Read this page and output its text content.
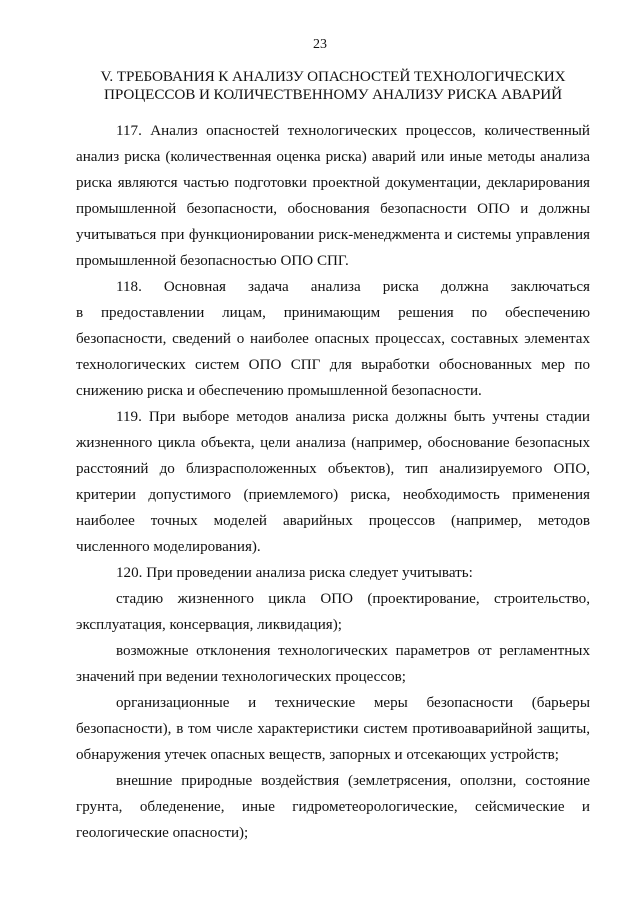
23
V. ТРЕБОВАНИЯ К АНАЛИЗУ ОПАСНОСТЕЙ ТЕХНОЛОГИЧЕСКИХ
ПРОЦЕССОВ И КОЛИЧЕСТВЕННОМУ АНАЛИЗУ РИСКА АВАРИЙ
117. Анализ опасностей технологических процессов, количественный
анализ риска (количественная оценка риска) аварий или иные методы анализа
риска являются частью подготовки проектной документации, декларирования
промышленной безопасности, обоснования безопасности ОПО и должны
учитываться при функционировании риск-менеджмента и системы управления
промышленной безопасностью ОПО СПГ.
118. Основная задача анализа риска должна заключаться
в предоставлении лицам, принимающим решения по обеспечению
безопасности, сведений о наиболее опасных процессах, составных элементах
технологических систем ОПО СПГ для выработки обоснованных мер по
снижению риска и обеспечению промышленной безопасности.
119. При выборе методов анализа риска должны быть учтены стадии
жизненного цикла объекта, цели анализа (например, обоснование безопасных
расстояний до близрасположенных объектов), тип анализируемого ОПО,
критерии допустимого (приемлемого) риска, необходимость применения
наиболее точных моделей аварийных процессов (например, методов
численного моделирования).
120. При проведении анализа риска следует учитывать:
стадию жизненного цикла ОПО (проектирование, строительство,
эксплуатация, консервация, ликвидация);
возможные отклонения технологических параметров от регламентных
значений при ведении технологических процессов;
организационные и технические меры безопасности (барьеры
безопасности), в том числе характеристики систем противоаварийной защиты,
обнаружения утечек опасных веществ, запорных и отсекающих устройств;
внешние природные воздействия (землетрясения, оползни, состояние
грунта, обледенение, иные гидрометеорологические, сейсмические и
геологические опасности);
